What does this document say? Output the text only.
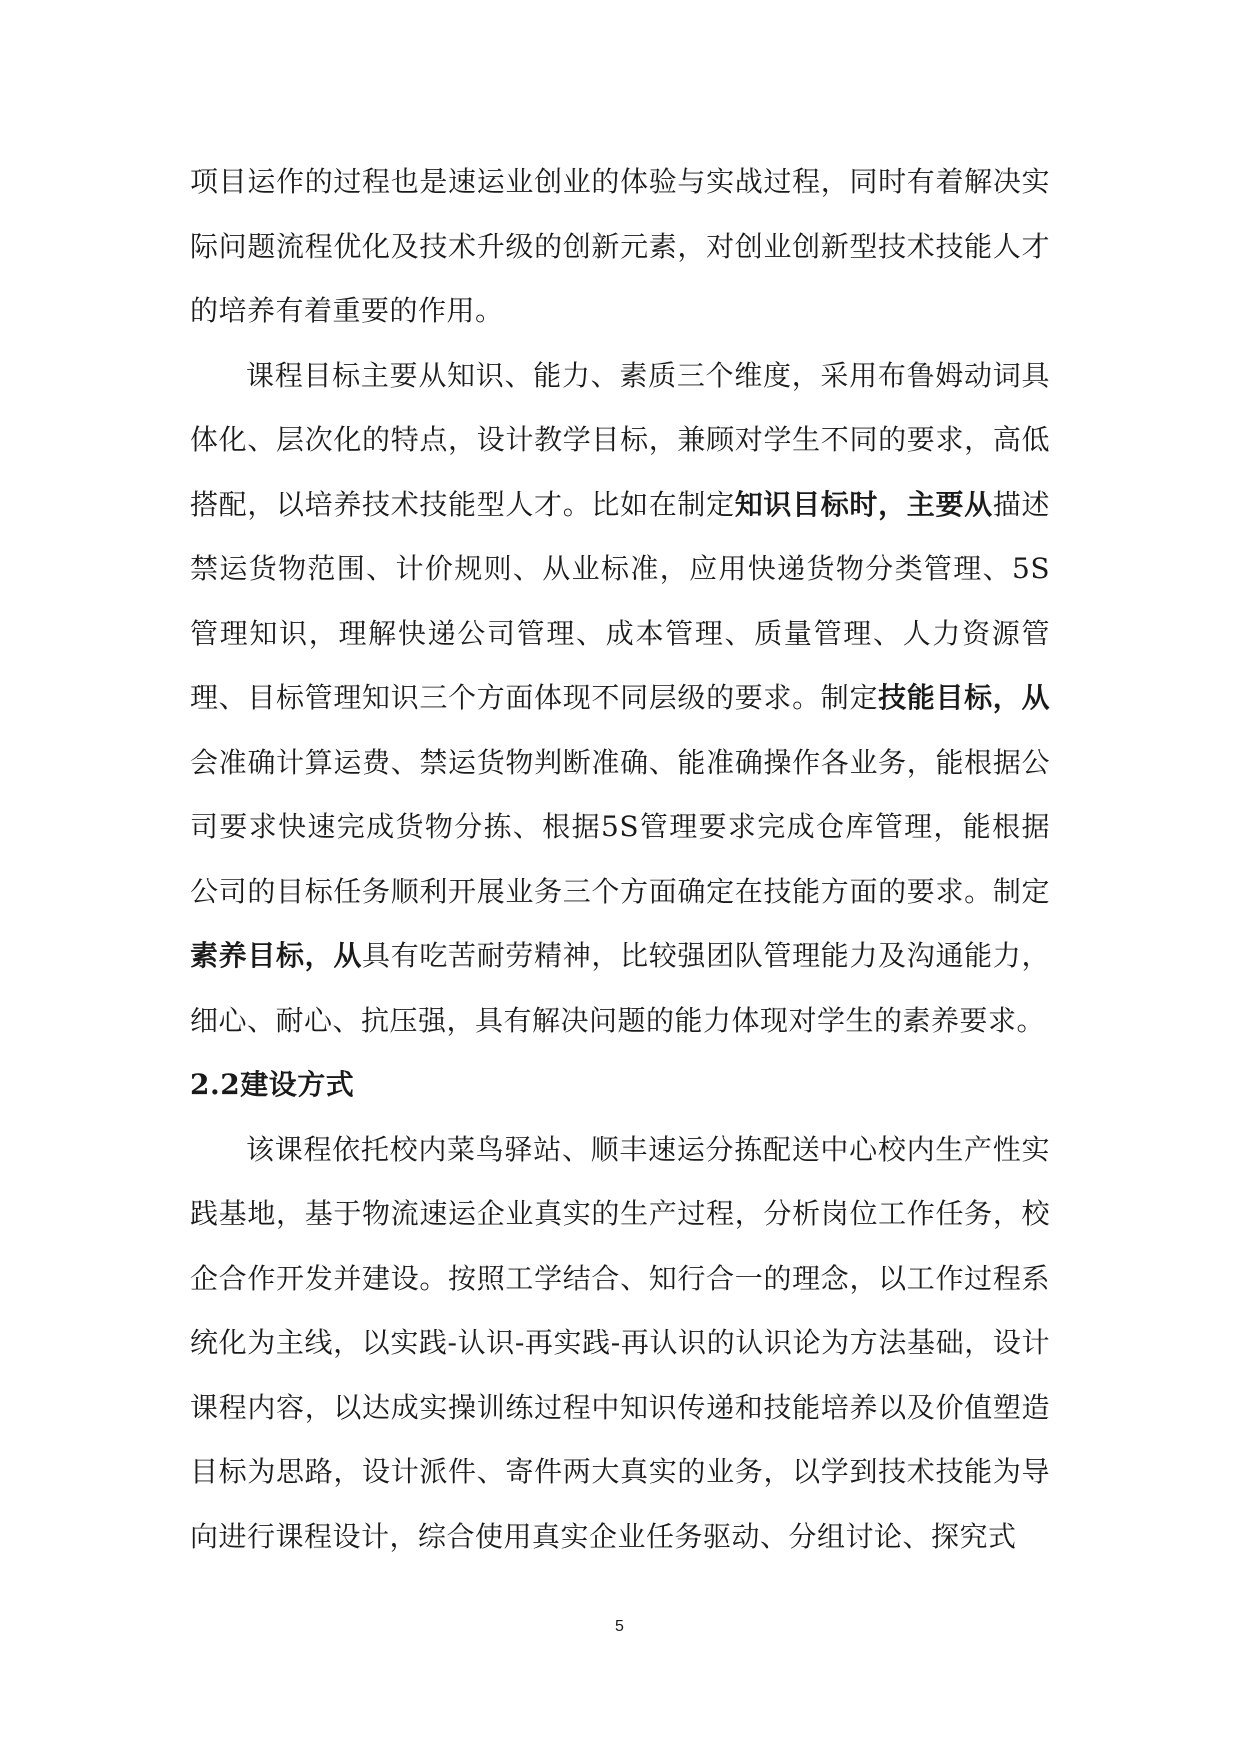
项目运作的过程也是速运业创业的体验与实战过程，同时有着解决实际问题流程优化及技术升级的创新元素，对创业创新型技术技能人才的培养有着重要的作用。

课程目标主要从知识、能力、素质三个维度，采用布鲁姆动词具体化、层次化的特点，设计教学目标，兼顾对学生不同的要求，高低搭配，以培养技术技能型人才。比如在制定知识目标时，主要从描述禁运货物范围、计价规则、从业标准，应用快递货物分类管理、5S管理知识，理解快递公司管理、成本管理、质量管理、人力资源管理、目标管理知识三个方面体现不同层级的要求。制定技能目标，从会准确计算运费、禁运货物判断准确、能准确操作各业务，能根据公司要求快速完成货物分拣、根据5S管理要求完成仓库管理，能根据公司的目标任务顺利开展业务三个方面确定在技能方面的要求。制定素养目标，从具有吃苦耐劳精神，比较强团队管理能力及沟通能力，细心、耐心、抗压强，具有解决问题的能力体现对学生的素养要求。

2.2建设方式

该课程依托校内菜鸟驿站、顺丰速运分拣配送中心校内生产性实践基地，基于物流速运企业真实的生产过程，分析岗位工作任务，校企合作开发并建设。按照工学结合、知行合一的理念，以工作过程系统化为主线，以实践-认识-再实践-再认识的认识论为方法基础，设计课程内容，以达成实操训练过程中知识传递和技能培养以及价值塑造目标为思路，设计派件、寄件两大真实的业务，以学到技术技能为导向进行课程设计，综合使用真实企业任务驱动、分组讨论、探究式

5
